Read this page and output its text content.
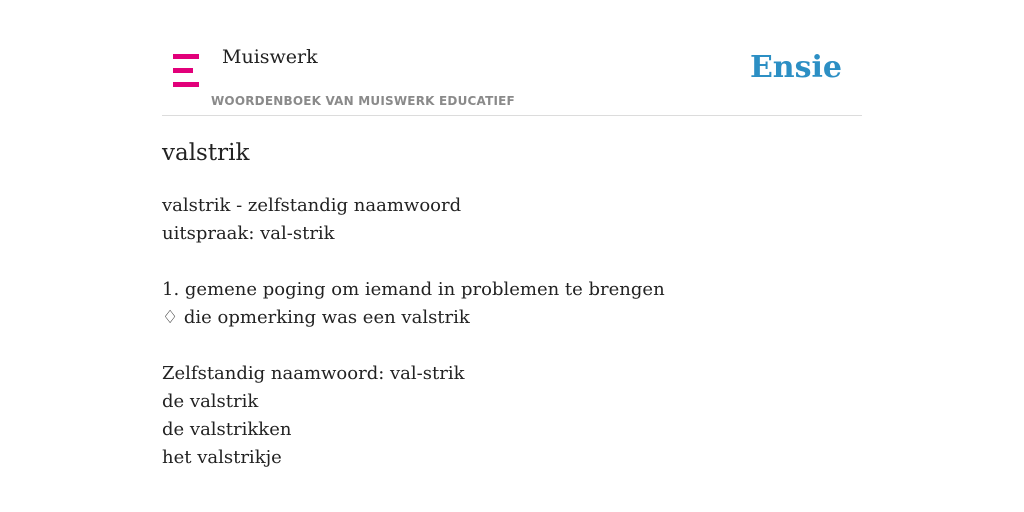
Muiswerk
WOORDENBOEK VAN MUISWERK EDUCATIEF
Ensie
valstrik
valstrik - zelfstandig naamwoord
uitspraak: val-strik
1. gemene poging om iemand in problemen te brengen
♢ die opmerking was een valstrik
Zelfstandig naamwoord: val-strik
de valstrik
de valstrikken
het valstrikje
